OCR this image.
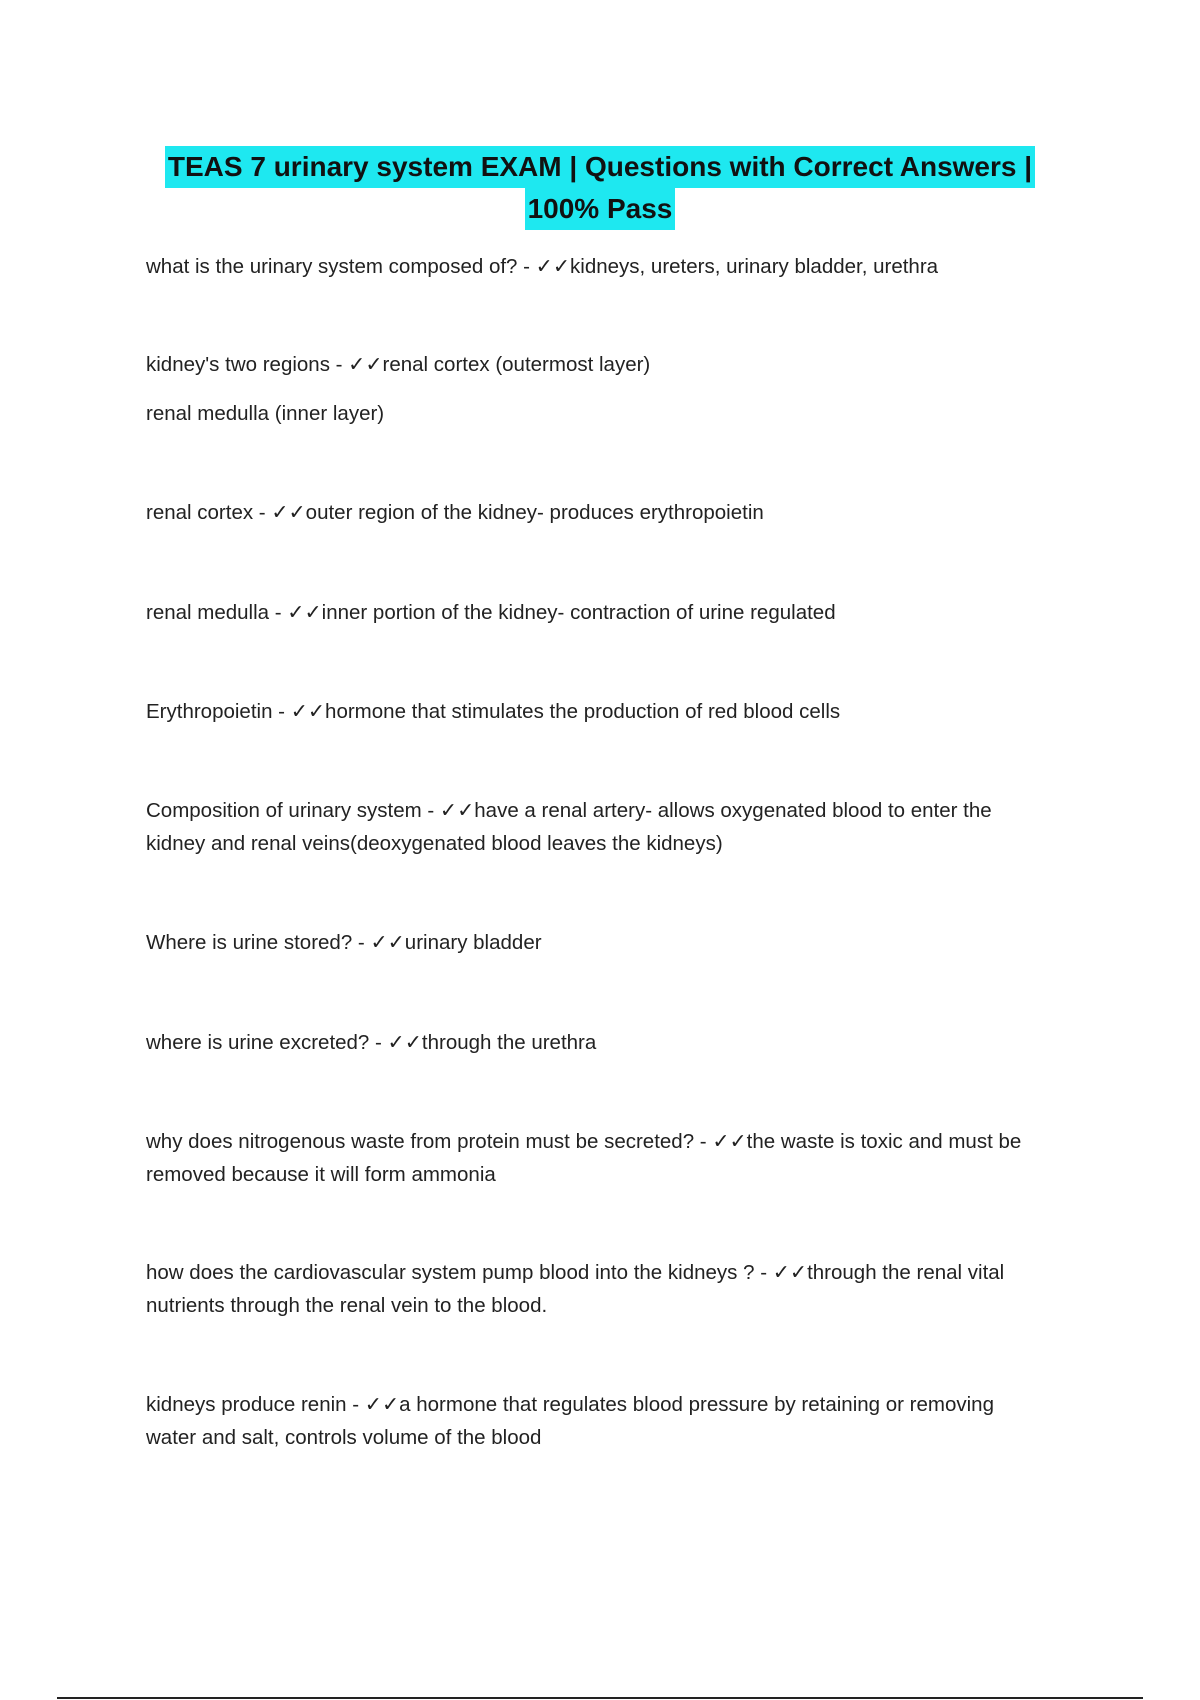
TEAS 7 urinary system EXAM | Questions with Correct Answers |
100% Pass

what is the urinary system composed of? - ✓✓kidneys, ureters, urinary bladder, urethra

kidney's two regions - ✓✓renal cortex (outermost layer)

renal medulla (inner layer)

renal cortex - ✓✓outer region of the kidney- produces erythropoietin

renal medulla - ✓✓inner portion of the kidney- contraction of urine regulated

Erythropoietin - ✓✓hormone that stimulates the production of red blood cells

Composition of urinary system - ✓✓have a renal artery- allows oxygenated blood to enter the kidney and renal veins(deoxygenated blood leaves the kidneys)

Where is urine stored? - ✓✓urinary bladder

where is urine excreted? - ✓✓through the urethra

why does nitrogenous waste from protein must be secreted? - ✓✓the waste is toxic and must be removed because it will form ammonia

how does the cardiovascular system pump blood into the kidneys ? - ✓✓through the renal vital nutrients through the renal vein to the blood.

kidneys produce renin - ✓✓a hormone that regulates blood pressure by retaining or removing water and salt, controls volume of the blood
